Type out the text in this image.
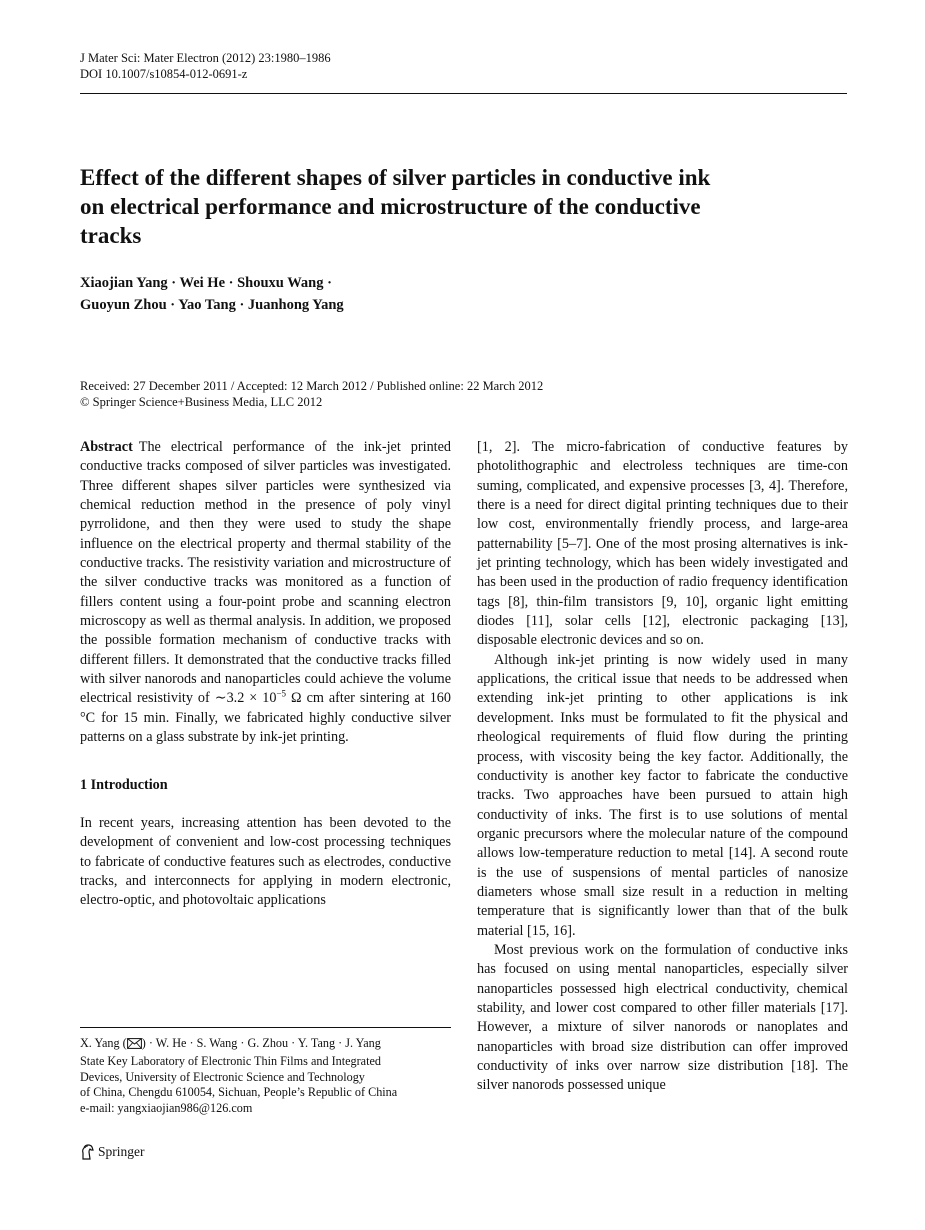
J Mater Sci: Mater Electron (2012) 23:1980–1986
DOI 10.1007/s10854-012-0691-z
Effect of the different shapes of silver particles in conductive ink
on electrical performance and microstructure of the conductive
tracks
Xiaojian Yang · Wei He · Shouxu Wang ·
Guoyun Zhou · Yao Tang · Juanhong Yang
Received: 27 December 2011 / Accepted: 12 March 2012 / Published online: 22 March 2012
© Springer Science+Business Media, LLC 2012

Abstract The electrical performance of the ink-jet printed conductive tracks composed of silver particles was investigated. Three different shapes silver particles were synthesized via chemical reduction method in the presence of poly vinyl pyrrolidone, and then they were used to study the shape influence on the electrical property and thermal stability of the conductive tracks. The resistivity variation and microstructure of the silver conductive tracks was monitored as a function of fillers content using a four-point probe and scanning electron microscopy as well as thermal analysis. In addition, we proposed the possible formation mechanism of conductive tracks with different fillers. It demonstrated that the conductive tracks filled with silver nanorods and nanoparticles could achieve the volume electrical resistivity of ∼3.2 × $10^{-5}$ Ω cm after sintering at 160 °C for 15 min. Finally, we fabricated highly conductive silver patterns on a glass substrate by ink-jet printing.

1 Introduction

In recent years, increasing attention has been devoted to the development of convenient and low-cost processing techniques to fabricate of conductive features such as electrodes, conductive tracks, and interconnects for applying in modern electronic, electro-optic, and photovoltaic applications

[1, 2]. The micro-fabrication of conductive features by photolithographic and electroless techniques are time-con suming, complicated, and expensive processes [3, 4]. Therefore, there is a need for direct digital printing techniques due to their low cost, environmentally friendly process, and large-area patternability [5–7]. One of the most prosing alternatives is ink-jet printing technology, which has been widely investigated and has been used in the production of radio frequency identification tags [8], thin-film transistors [9, 10], organic light emitting diodes [11], solar cells [12], electronic packaging [13], disposable electronic devices and so on.

Although ink-jet printing is now widely used in many applications, the critical issue that needs to be addressed when extending ink-jet printing to other applications is ink development. Inks must be formulated to fit the physical and rheological requirements of fluid flow during the printing process, with viscosity being the key factor. Additionally, the conductivity is another key factor to fabricate the conductive tracks. Two approaches have been pursued to attain high conductivity of inks. The first is to use solutions of mental organic precursors where the molecular nature of the compound allows low-temperature reduction to metal [14]. A second route is the use of suspensions of mental particles of nanosize diameters whose small size result in a reduction in melting temperature that is significantly lower than that of the bulk material [15, 16].

Most previous work on the formulation of conductive inks has focused on using mental nanoparticles, especially silver nanoparticles possessed high electrical conductivity, chemical stability, and lower cost compared to other filler materials [17]. However, a mixture of silver nanorods or nanoplates and nanoparticles with broad size distribution can offer improved conductivity of inks over narrow size distribution [18]. The silver nanorods possessed unique

X. Yang ( ) · W. He · S. Wang · G. Zhou · Y. Tang · J. Yang
State Key Laboratory of Electronic Thin Films and Integrated
Devices, University of Electronic Science and Technology
of China, Chengdu 610054, Sichuan, People’s Republic of China
e-mail: yangxiaojian986@126.com
Springer
